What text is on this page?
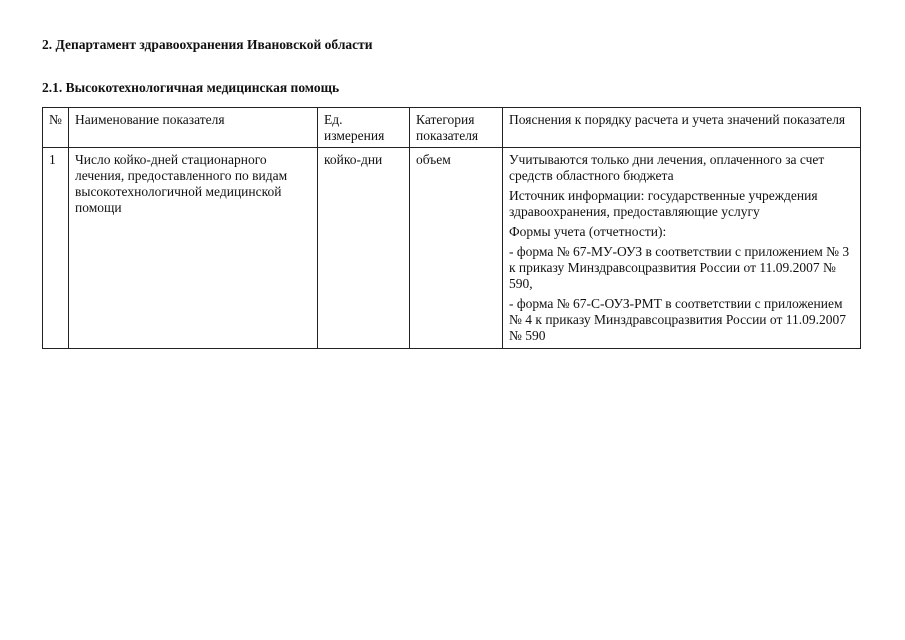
2. Департамент здравоохранения Ивановской области
2.1. Высокотехнологичная медицинская помощь
№	Наименование показателя	Ед. измерения	Категория показателя	Пояснения к порядку расчета и учета значений показателя
1	Число койко-дней стационарного лечения, предоставленного по видам высокотехнологичной медицинской помощи	койко-дни	объем	Учитываются только дни лечения, оплаченного за счет средств областного бюджета
Источник информации: государственные учреждения здравоохранения, предоставляющие услугу
Формы учета (отчетности):
- форма № 67-МУ-ОУЗ в соответствии с приложением № 3 к приказу Минздравсоцразвития России от 11.09.2007 № 590,
- форма № 67-С-ОУЗ-РМТ в соответствии с приложением № 4 к приказу Минздравсоцразвития России от 11.09.2007 № 590
